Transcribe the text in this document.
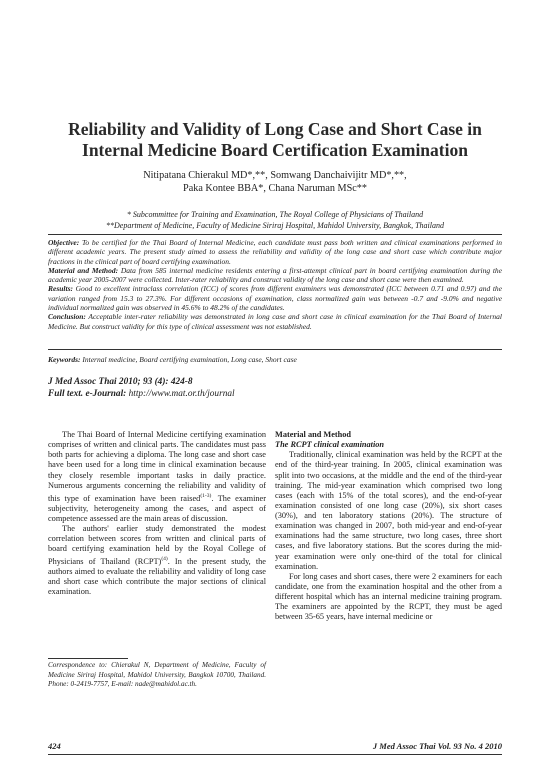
Reliability and Validity of Long Case and Short Case in
Internal Medicine Board Certification Examination
Nitipatana Chierakul MD*,**, Somwang Danchaivijitr MD*,**,
Paka Kontee BBA*, Chana Naruman MSc**
* Subcommittee for Training and Examination, The Royal College of Physicians of Thailand
**Department of Medicine, Faculty of Medicine Siriraj Hospital, Mahidol University, Bangkok, Thailand

Objective: To be certified for the Thai Board of Internal Medicine, each candidate must pass both written and clinical examinations performed in different academic years. The present study aimed to assess the reliability and validity of the long case and short case which contribute major fractions in the clinical part of board certifying examination.

Material and Method: Data from 585 internal medicine residents entering a first-attempt clinical part in board certifying examination during the academic year 2005-2007 were collected. Inter-rater reliability and construct validity of the long case and short case were then examined.

Results: Good to excellent intraclass correlation (ICC) of scores from different examiners was demonstrated (ICC between 0.71 and 0.97) and the variation ranged from 15.3 to 27.3%. For different occasions of examination, class normalized gain was between -0.7 and -9.0% and negative individual normalized gain was observed in 45.6% to 48.2% of the candidates.

Conclusion: Acceptable inter-rater reliability was demonstrated in long case and short case in clinical examination for the Thai Board of Internal Medicine. But construct validity for this type of clinical assessment was not established.

Keywords: Internal medicine, Board certifying examination, Long case, Short case
J Med Assoc Thai 2010; 93 (4): 424-8
Full text. e-Journal: http://www.mat.or.th/journal

The Thai Board of Internal Medicine certifying examination comprises of written and clinical parts. The candidates must pass both parts for achieving a diploma. The long case and short case have been used for a long time in clinical examination because they closely resemble important tasks in daily practice. Numerous arguments concerning the reliability and validity of this type of examination have been raised$^{(1-3)}$. The examiner subjectivity, heterogeneity among the cases, and aspect of competence assessed are the main areas of discussion.

The authors' earlier study demonstrated the modest correlation between scores from written and clinical parts of board certifying examination held by the Royal College of Physicians of Thailand (RCPT)$^{(4)}$. In the present study, the authors aimed to evaluate the reliability and validity of long case and short case which contribute the major sections of clinical examination.

Material and Method

The RCPT clinical examination

Traditionally, clinical examination was held by the RCPT at the end of the third-year training. In 2005, clinical examination was split into two occasions, at the middle and the end of the third-year training. The mid-year examination which comprised two long cases (each with 15% of the total scores), and the end-of-year examination consisted of one long case (20%), six short cases (30%), and ten laboratory stations (20%). The structure of examination was changed in 2007, both mid-year and end-of-year examinations had the same structure, two long cases, three short cases, and five laboratory stations. But the scores during the mid-year examination were only one-third of the total for clinical examination.

For long cases and short cases, there were 2 examiners for each candidate, one from the examination hospital and the other from a different hospital which has an internal medicine training program. The examiners are appointed by the RCPT, they must be aged between 35-65 years, have internal medicine or

Correspondence to: Chierakul N, Department of Medicine, Faculty of Medicine Siriraj Hospital, Mahidol University, Bangkok 10700, Thailand. Phone: 0-2419-7757, E-mail: nade@mahidol.ac.th.
424	J Med Assoc Thai Vol. 93 No. 4 2010
